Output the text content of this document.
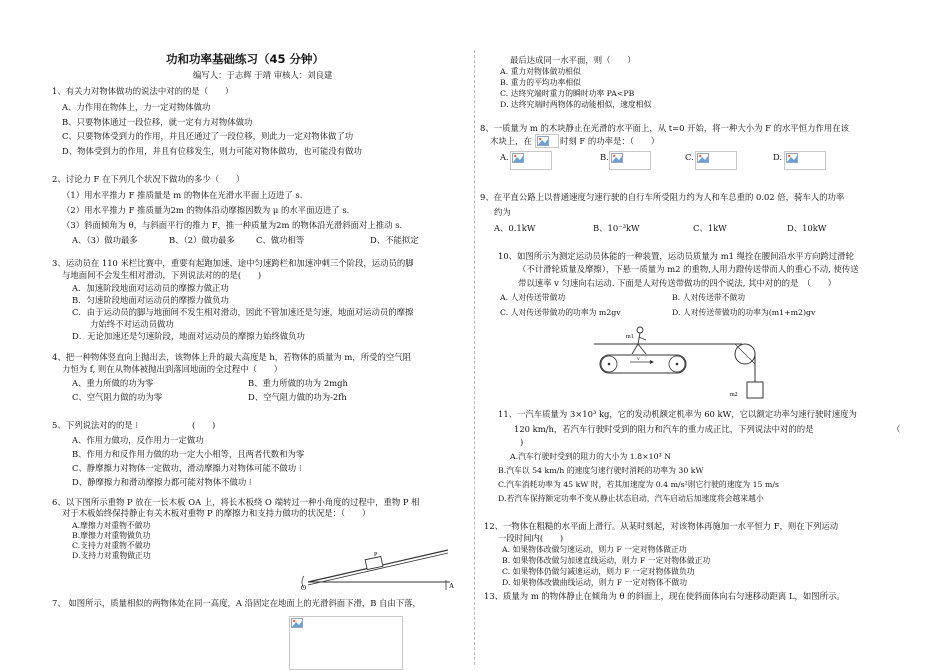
功和功率基础练习（45 分钟）
编写人：于志辉 于靖 审核人：刘良建
1、有关力对物体做功的说法中对的的是（　　）
A、力作用在物体上，力一定对物体做功
B、只要物体通过一段位移，就一定有力对物体做功
C、只要物体受到力的作用，并且还通过了一段位移，则此力一定对物体做了功
D、物体受到力的作用，并且有位移发生，则力可能对物体做功，也可能没有做功
2、讨论力 F 在下列几个状况下做功的多少（　　）
（1）用水平推力 F 推质量是 m 的物体在光滑水平面上迈进了 s.
（2）用水平推力 F 推质量为2m 的物体沿动摩擦因数为 μ 的水平面迈进了 s.
（3）斜面倾角为 θ，与斜面平行的推力 F，推一种质量为2m 的物体沿光滑斜面对上推动 s.
A、（3）做功最多	B、（2）做功最多	C、做功相等	D、不能拟定
3、运动员在 110 米栏比赛中，重要有起跑加速、途中匀速跨栏和加速冲刺三个阶段，运动员的脚
与地面间不会发生相对滑动，下列说法对的的是(　　)
A．加速阶段地面对运动员的摩擦力做正功
B．匀速阶段地面对运动员的摩擦力做负功
C．由于运动员的脚与地面间不发生相对滑动，因此不管加速还是匀速，地面对运动员的摩擦
力始终不对运动员做功
D．无论加速还是匀速阶段，地面对运动员的摩擦力始终做负功
4、把一种物体竖直向上抛出去，该物体上升的最大高度是 h，若物体的质量为 m，所受的空气阻
力恒为 f, 则在从物体被抛出到落回地面的全过程中（　　）
A、重力所做的功为零	B、重力所做的功为 2mgh
C、空气阻力做的功为零	D、空气阻力做的功为-2fh
5、下列说法对的的是 ⁝	(　　)
A、作用力做功，反作用力一定做功
B、作用力和反作用力做的功一定大小相等，且两者代数和为零
C、静摩擦力对物体一定做功，滑动摩擦力对物体可能不做功 ⁝
D、静摩擦力和滑动摩擦力都可能对物体不做功 ⁝
6、以下图所示重物 P 放在一长木板 OA 上，将长木板绕 O 端转过一种小角度的过程中，重物 P 相
对于木板始终保持静止有关木板对重物 P 的摩擦力和支持力做功的状况是：（　　）
A.摩擦力对重物不做功
B.摩擦力对重物做负功
C.支持力对重物不做功
D.支持力对重物做正功
O	A
P
7、 如图所示，质量相似的两物体处在同一高度，A 沿固定在地面上的光滑斜面下滑，B 自由下落，
最后达成同一水平面，则（　　）
A. 重力对物体做功相似
B. 重力的平均功率相似
C. 达终究端时重力的瞬时功率 PA<PB
D. 达终究端时两物体的动能相似，速度相似
8、一质量为 m 的木块静止在光滑的水平面上，从 t=0 开始，将一种大小为 F 的水平恒力作用在该
木块上，在	时刻 F 的功率是：（　　）
A.	B.	C.	D.
9、在平直公路上以普通速度匀速行驶的自行车所受阻力约为人和车总重的 0.02 倍，骑车人的功率
约为
A、0.1kW	B、10⁻³kW	C、1kW	D、10kW
10、如图所示为测定运动员体能的一种装置，运动员质量为 m1 绳拴在腰间沿水平方向跨过滑轮
（不计滑轮质量及摩擦），下悬一质量为 m2 的重物,人用力蹬传送带而人的重心不动, 使传送
带以速率 v 匀速向右运动. 下面是人对传送带做功的四个说法, 其中对的的是　（　　）
A. 人对传送带做功	B. 人对传送带不做功
C. 人对传送带做功的功率为 m2gv	D. 人对传送带做功的功率为(m1+m2)gv
m2
m1
v
11、一汽车质量为 3×10³ kg，它的发动机额定机率为 60 kW，它以额定功率匀速行驶时速度为
120 km/h，若汽车行驶时受到的阻力和汽车的重力成正比，下列说法中对的的是	（
)
A.汽车行驶时受到的阻力的大小为 1.8×10³ N
B.汽车以 54 km/h 的速度匀速行驶时消耗的功率为 30 kW
C.汽车消耗功率为 45 kW 时，若其加速度为 0.4 m/s²则它行驶的速度为 15 m/s
D.若汽车保持额定功率不变从静止状态启动，汽车启动后加速度将会越来越小
12、一物体在粗糙的水平面上滑行。从某时刻起，对该物体再施加一水平恒力 F，则在下列运动
一段时间内(　　)
A. 如果物体改做匀速运动，则力 F 一定对物体做正功
B. 如果物体改做匀加速直线运动，则力 F 一定对物体做正功
C. 如果物体仍做匀减速运动，则力 F 一定对物体做负功
D. 如果物体改做曲线运动，则力 F 一定对物体不做功
13、质量为 m 的物体静止在倾角为 θ 的斜面上，现在使斜面体向右匀速移动距离 L，如图所示。
